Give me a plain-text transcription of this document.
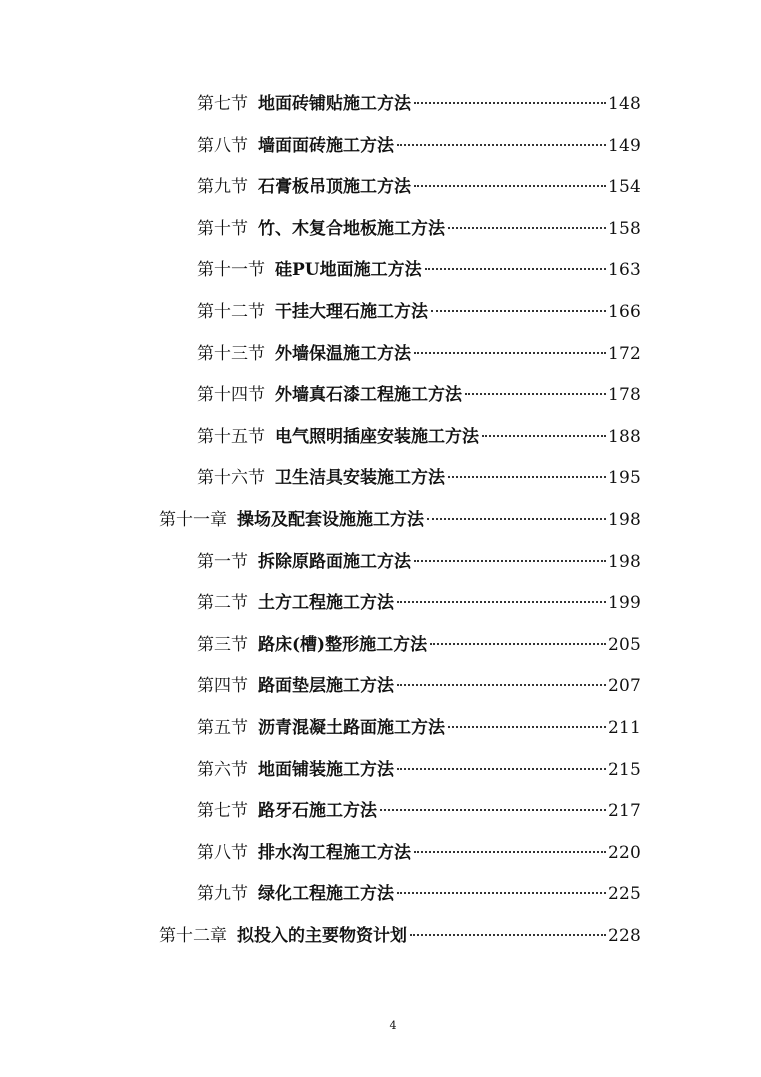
第七节 地面砖铺贴施工方法	148
第八节 墙面面砖施工方法	149
第九节 石膏板吊顶施工方法	154
第十节 竹、木复合地板施工方法	158
第十一节 硅PU地面施工方法	163
第十二节 干挂大理石施工方法	166
第十三节 外墙保温施工方法	172
第十四节 外墙真石漆工程施工方法	178
第十五节 电气照明插座安装施工方法	188
第十六节 卫生洁具安装施工方法	195
第十一章 操场及配套设施施工方法	198
第一节 拆除原路面施工方法	198
第二节 土方工程施工方法	199
第三节 路床(槽)整形施工方法	205
第四节 路面垫层施工方法	207
第五节 沥青混凝土路面施工方法	211
第六节 地面铺装施工方法	215
第七节 路牙石施工方法	217
第八节 排水沟工程施工方法	220
第九节 绿化工程施工方法	225
第十二章 拟投入的主要物资计划	228
4
